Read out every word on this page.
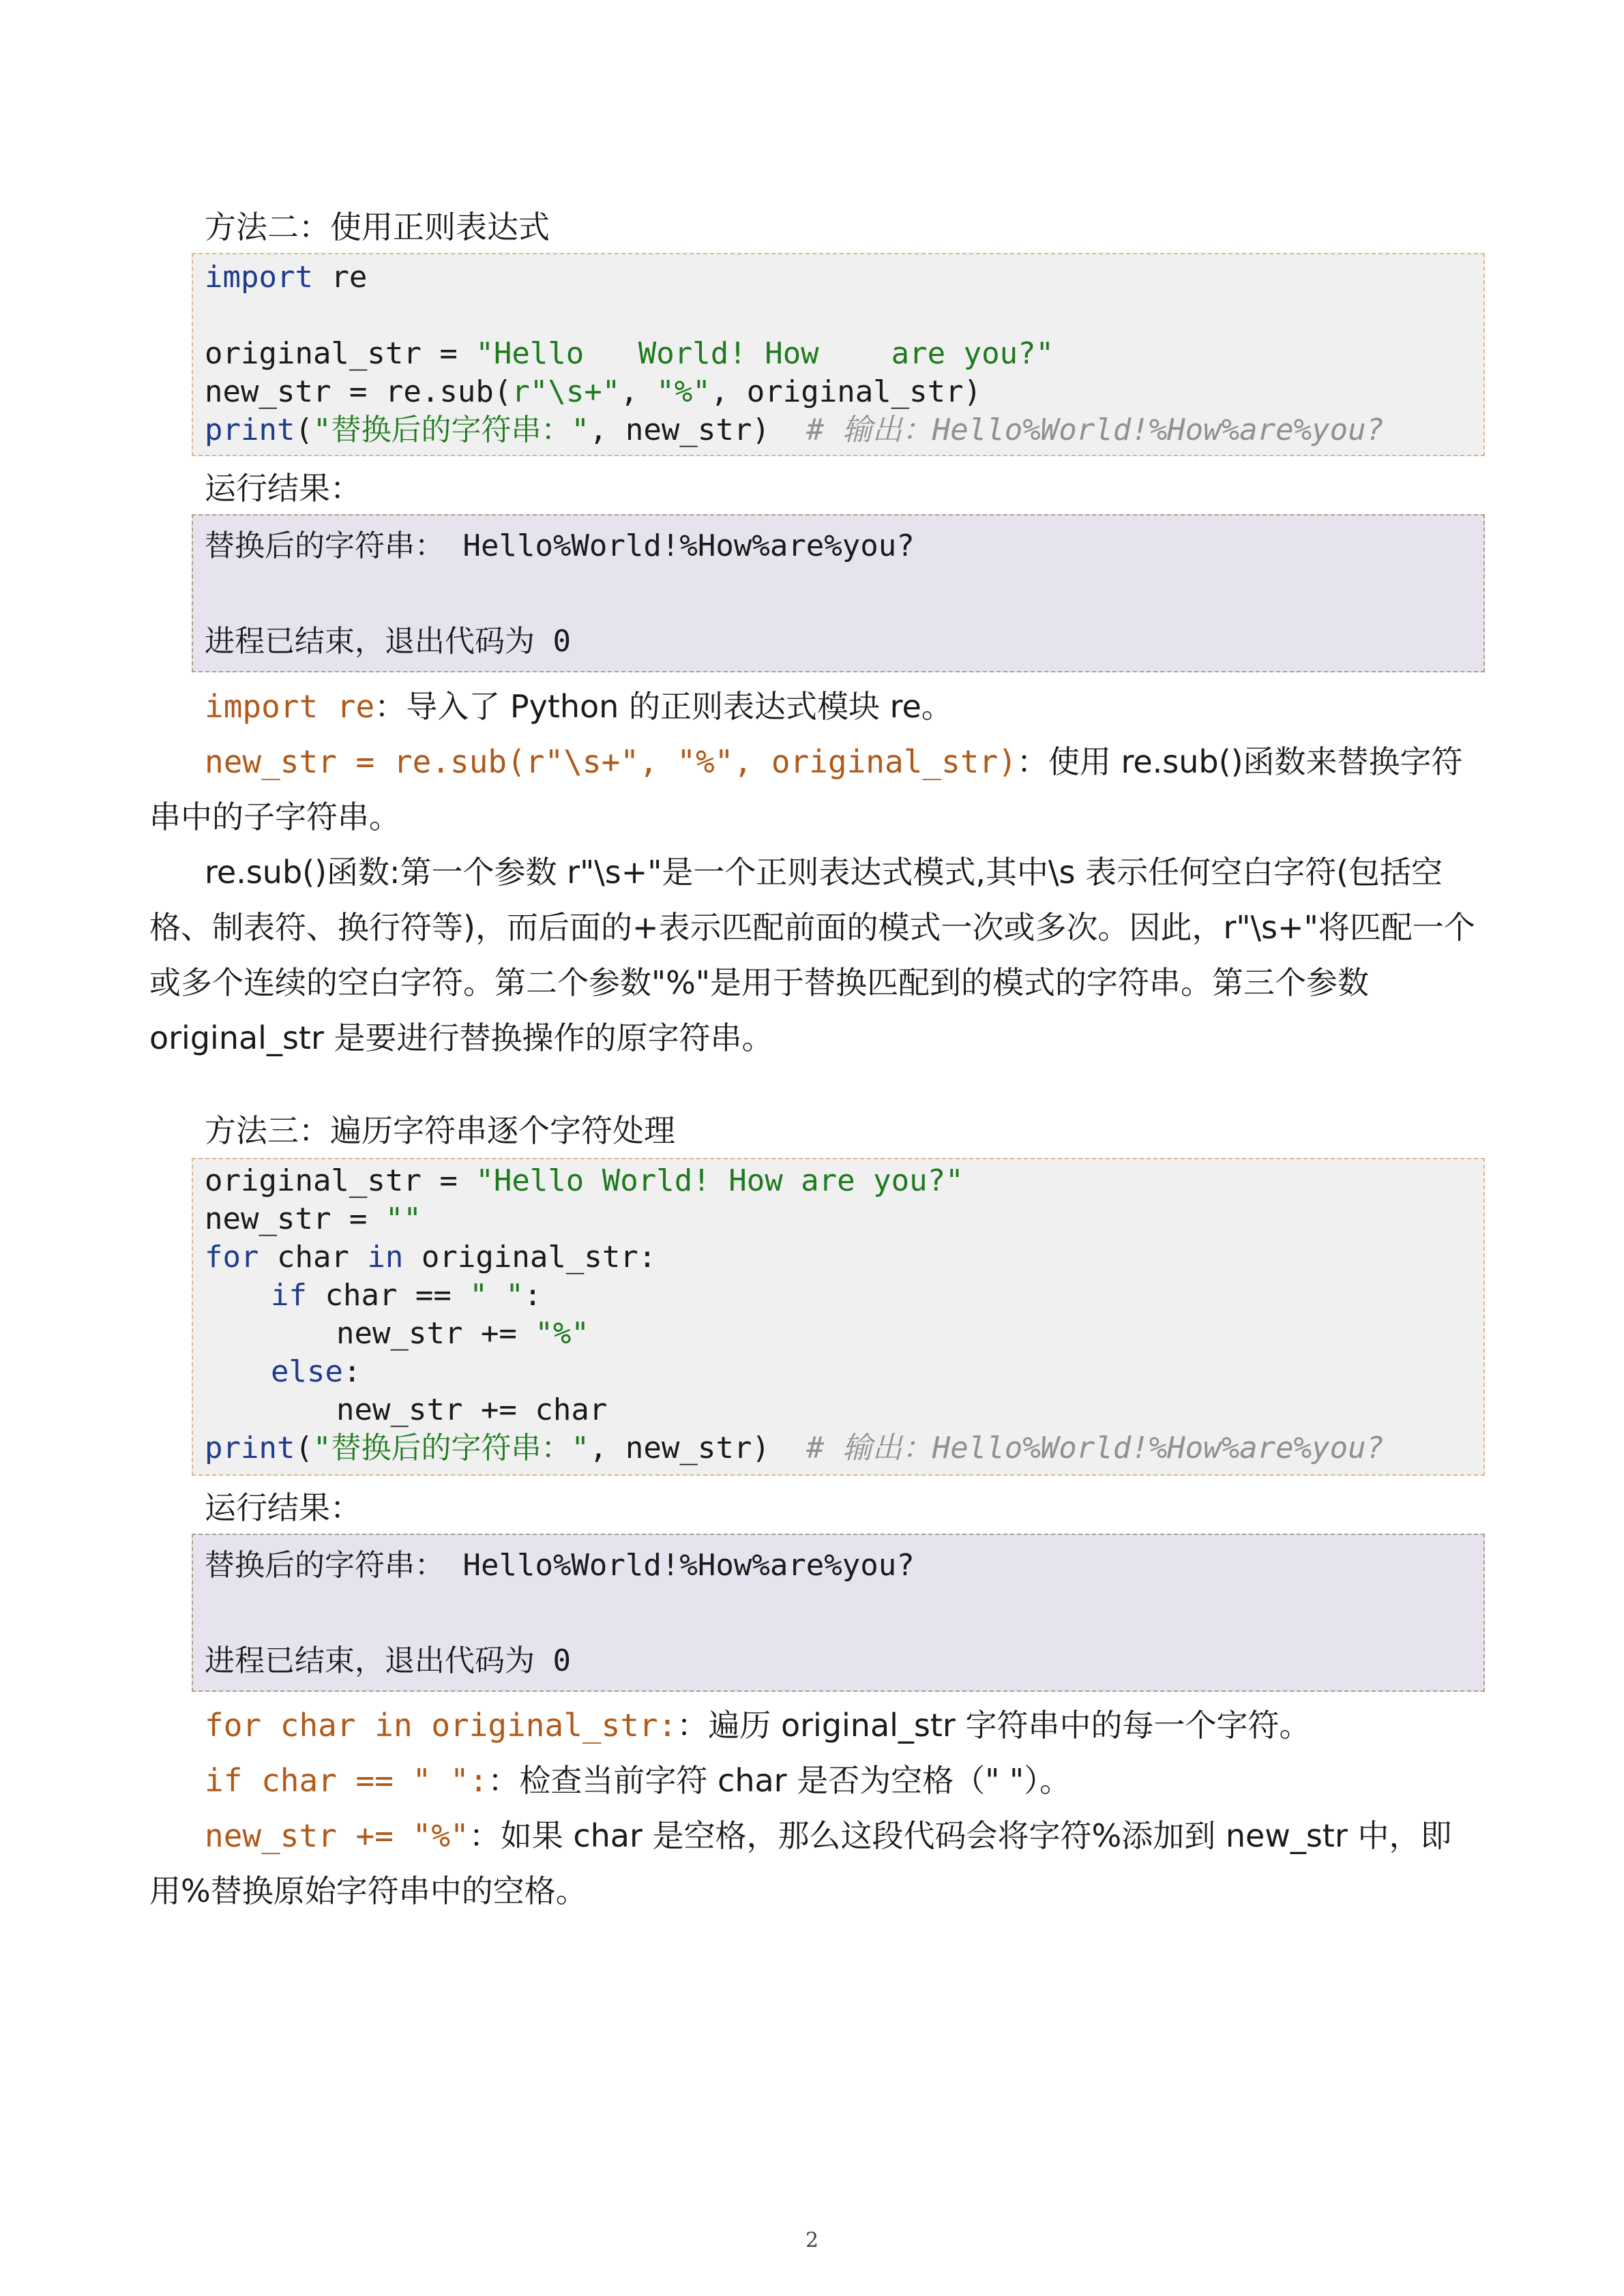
方法二：使用正则表达式

import re

original_str = "Hello   World! How    are you?"

new_str = re.sub(r"\s+", "%", original_str)

print("替换后的字符串：", new_str)  # 输出：Hello%World!%How%are%you?

运行结果：

替换后的字符串： Hello%World!%How%are%you?

进程已结束，退出代码为 0

import re：导入了 Python 的正则表达式模块 re。
new_str = re.sub(r"\s+", "%", original_str)：使用 re.sub()函数来替换字符串中的子字符串。
re.sub()函数:第一个参数 r"\s+"是一个正则表达式模式,其中\s 表示任何空白字符(包括空格、制表符、换行符等)，而后面的+表示匹配前面的模式一次或多次。因此，r"\s+"将匹配一个或多个连续的空白字符。第二个参数"%"是用于替换匹配到的模式的字符串。第三个参数 original_str 是要进行替换操作的原字符串。
方法三：遍历字符串逐个字符处理

original_str = "Hello World! How are you?"

new_str = ""

for char in original_str:

if char == " ":

new_str += "%"

else:

new_str += char

print("替换后的字符串：", new_str)  # 输出：Hello%World!%How%are%you?

运行结果：

替换后的字符串： Hello%World!%How%are%you?

进程已结束，退出代码为 0

for char in original_str:：遍历 original_str 字符串中的每一个字符。
if char == " ":：检查当前字符 char 是否为空格（" "）。
new_str += "%"：如果 char 是空格，那么这段代码会将字符%添加到 new_str 中，即用%替换原始字符串中的空格。
2
